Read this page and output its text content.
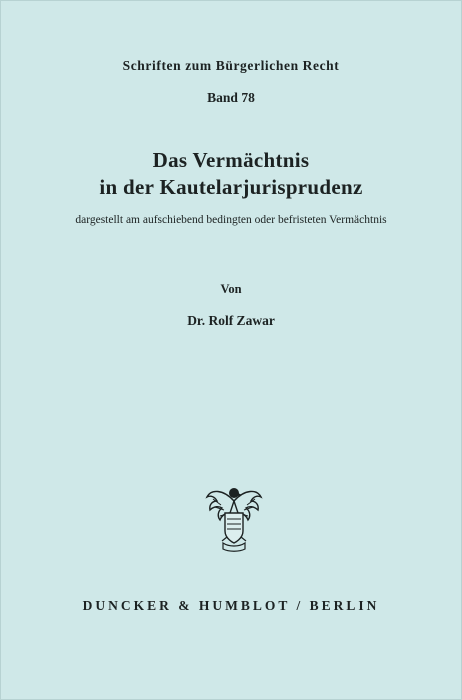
Schriften zum Bürgerlichen Recht
Band 78
Das Vermächtnis
in der Kautelarjurisprudenz
dargestellt am aufschiebend bedingten oder befristeten Vermächtnis
Von
Dr. Rolf Zawar
DUNCKER & HUMBLOT / BERLIN
